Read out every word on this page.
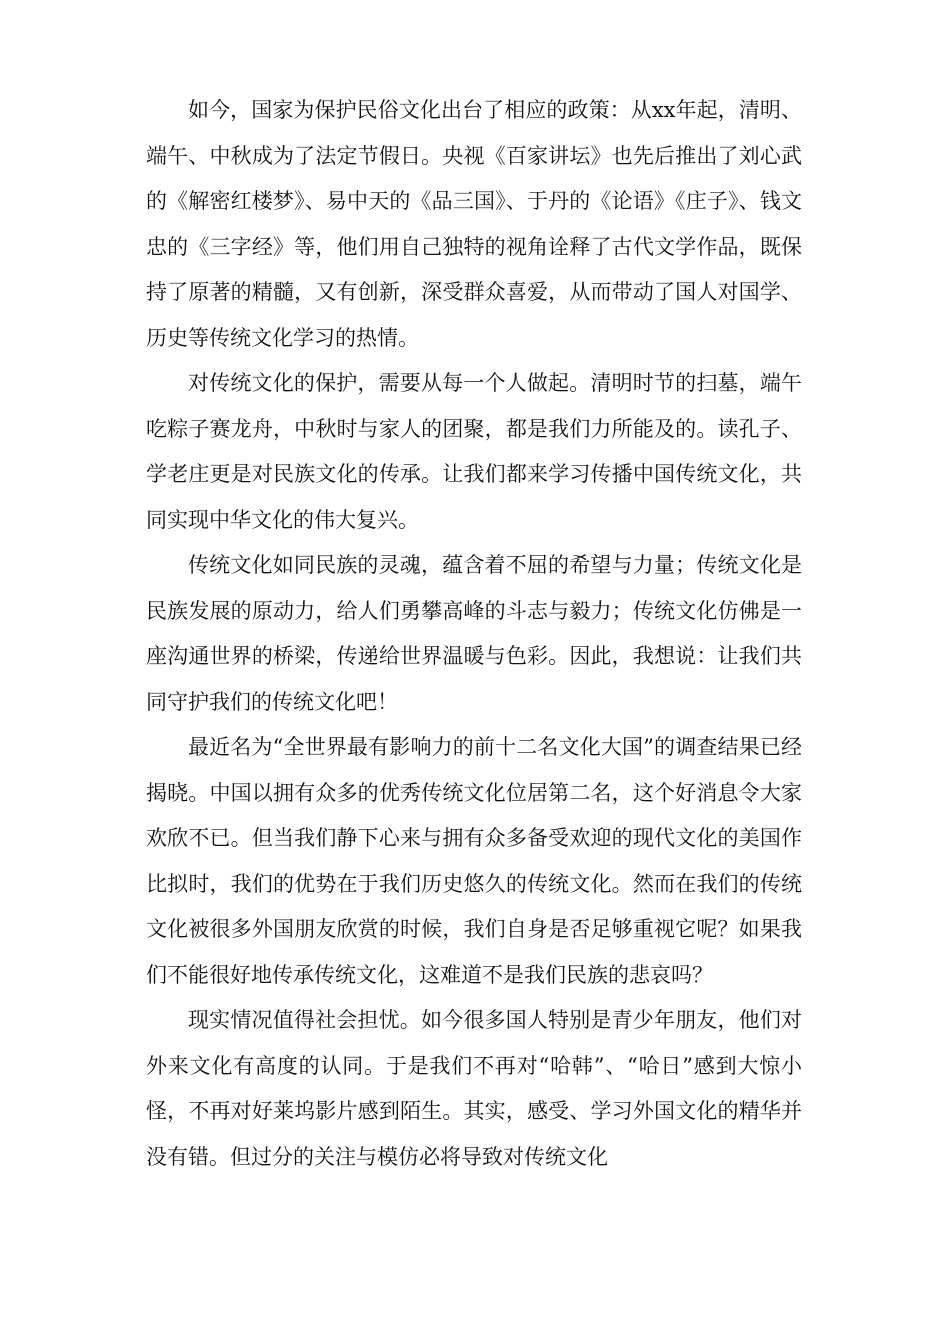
如今，国家为保护民俗文化出台了相应的政策：从xx年起，清明、端午、中秋成为了法定节假日。央视《百家讲坛》也先后推出了刘心武的《解密红楼梦》、易中天的《品三国》、于丹的《论语》《庄子》、钱文忠的《三字经》等，他们用自己独特的视角诠释了古代文学作品，既保持了原著的精髓，又有创新，深受群众喜爱，从而带动了国人对国学、历史等传统文化学习的热情。

对传统文化的保护，需要从每一个人做起。清明时节的扫墓，端午吃粽子赛龙舟，中秋时与家人的团聚，都是我们力所能及的。读孔子、学老庄更是对民族文化的传承。让我们都来学习传播中国传统文化，共同实现中华文化的伟大复兴。

传统文化如同民族的灵魂，蕴含着不屈的希望与力量；传统文化是民族发展的原动力，给人们勇攀高峰的斗志与毅力；传统文化仿佛是一座沟通世界的桥梁，传递给世界温暖与色彩。因此，我想说：让我们共同守护我们的传统文化吧！

最近名为“全世界最有影响力的前十二名文化大国”的调查结果已经揭晓。中国以拥有众多的优秀传统文化位居第二名，这个好消息令大家欢欣不已。但当我们静下心来与拥有众多备受欢迎的现代文化的美国作比拟时，我们的优势在于我们历史悠久的传统文化。然而在我们的传统文化被很多外国朋友欣赏的时候，我们自身是否足够重视它呢？如果我们不能很好地传承传统文化，这难道不是我们民族的悲哀吗？

现实情况值得社会担忧。如今很多国人特别是青少年朋友，他们对外来文化有高度的认同。于是我们不再对“哈韩”、“哈日”感到大惊小怪，不再对好莱坞影片感到陌生。其实，感受、学习外国文化的精华并没有错。但过分的关注与模仿必将导致对传统文化
